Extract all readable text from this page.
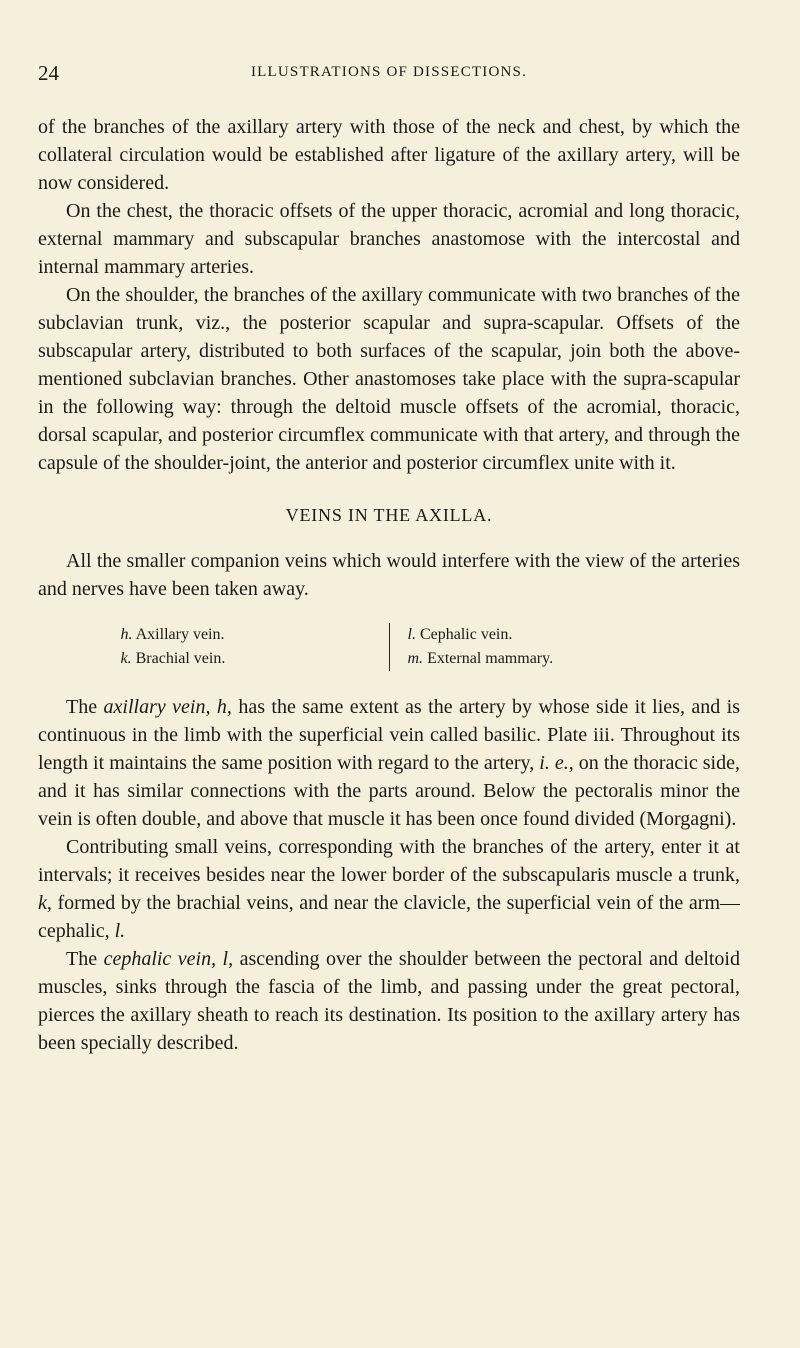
24	ILLUSTRATIONS OF DISSECTIONS.

of the branches of the axillary artery with those of the neck and chest, by which the collateral circulation would be established after ligature of the axillary artery, will be now considered.

On the chest, the thoracic offsets of the upper thoracic, acromial and long thoracic, external mammary and subscapular branches anastomose with the intercostal and internal mammary arteries.

On the shoulder, the branches of the axillary communicate with two branches of the subclavian trunk, viz., the posterior scapular and supra-scapular. Offsets of the subscapular artery, distributed to both surfaces of the scapular, join both the above-mentioned subclavian branches. Other anastomoses take place with the supra-scapular in the following way: through the deltoid muscle offsets of the acromial, thoracic, dorsal scapular, and posterior circumflex communicate with that artery, and through the capsule of the shoulder-joint, the anterior and posterior circumflex unite with it.

VEINS IN THE AXILLA.

All the smaller companion veins which would interfere with the view of the arteries and nerves have been taken away.

h. Axillary vein.
k. Brachial vein.
l. Cephalic vein.
m. External mammary.

The axillary vein, h, has the same extent as the artery by whose side it lies, and is continuous in the limb with the superficial vein called basilic. Plate iii. Throughout its length it maintains the same position with regard to the artery, i. e., on the thoracic side, and it has similar connections with the parts around. Below the pectoralis minor the vein is often double, and above that muscle it has been once found divided (Morgagni).

Contributing small veins, corresponding with the branches of the artery, enter it at intervals; it receives besides near the lower border of the subscapularis muscle a trunk, k, formed by the brachial veins, and near the clavicle, the superficial vein of the arm—cephalic, l.

The cephalic vein, l, ascending over the shoulder between the pectoral and deltoid muscles, sinks through the fascia of the limb, and passing under the great pectoral, pierces the axillary sheath to reach its destination. Its position to the axillary artery has been specially described.
